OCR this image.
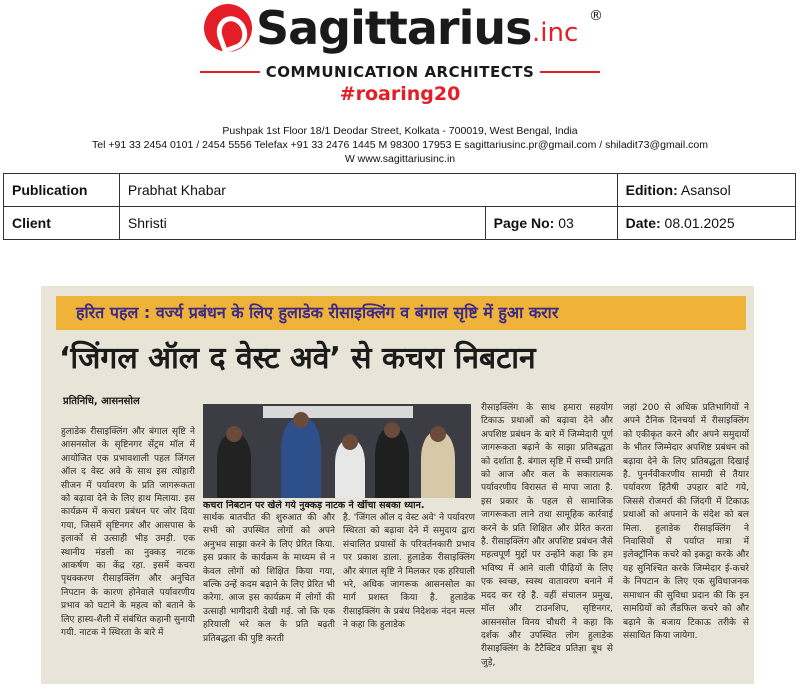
Sagittarius .inc
®
COMMUNICATION ARCHITECTS
#roaring20
Pushpak 1st Floor 18/1 Deodar Street, Kolkata - 700019, West Bengal, India
Tel +91 33 2454 0101 / 2454 5556 Telefax +91 33 2476 1445 M 98300 17953 E sagittariusinc.pr@gmail.com / shiladit73@gmail.com
W www.sagittariusinc.in
Publication	Prabhat Khabar		Edition: Asansol
Client	Shristi	Page No: 03	Date: 08.01.2025
हरित पहल : वर्ज्य प्रबंधन के लिए हुलाडेक रीसाइक्लिंग व बंगाल सृष्टि में हुआ करार
‘जिंगल ऑल द वेस्ट अवे’ से कचरा निबटान
प्रतिनिधि, आसनसोल
हुलाडेक रीसाइक्लिंग और बंगाल सृष्टि ने आसनसोल के सृष्टिनगर सेंट्रम मॉल में आयोजित एक प्रभावशाली पहल जिंगल ऑल द वेस्ट अवे के साथ इस त्योहारी सीजन में पर्यावरण के प्रति जागरूकता को बढ़ावा देने के लिए हाथ मिलाया. इस कार्यक्रम में कचरा प्रबंधन पर जोर दिया गया, जिसमें सृष्टिनगर और आसपास के इलाकों से उत्साही भीड़ उमड़ी. एक स्थानीय मंडली का नुक्कड़ नाटक आकर्षण का केंद्र रहा. इसमें कचरा पृथक्करण रीसाइक्लिंग और अनुचित निपटान के कारण होनेवाले पर्यावरणीय प्रभाव को घटाने के महत्व को बताने के लिए हास्य-शैली में संबंधित कहानी सुनायी गयी. नाटक ने स्थिरता के बारे में
कचरा निबटान पर खेले गये नुक्कड़ नाटक ने खींचा सबका ध्यान.
सार्थक बातचीत की शुरुआत की और सभी को उपस्थित लोगों को अपने अनुभव साझा करने के लिए प्रेरित किया. इस प्रकार के कार्यक्रम के माध्यम से न केवल लोगों को शिक्षित किया गया, बल्कि उन्हें कदम बढ़ाने के लिए प्रेरित भी करेगा. आज इस कार्यक्रम में लोगों की उत्साही भागीदारी देखी गई. जो कि एक हरियाली भरे कल के प्रति बढ़ती प्रतिबद्धता की पुष्टि करती
है. 'जिंगल ऑल द वेस्ट अवे' ने पर्यावरण स्थिरता को बढ़ावा देने में समुदाय द्वारा संचालित प्रयासों के परिवर्तनकारी प्रभाव पर प्रकाश डाला. हुलाडेक रीसाइक्लिंग और बंगाल सृष्टि ने मिलकर एक हरियाली भरे, अधिक जागरूक आसनसोल का मार्ग प्रशस्त किया है. हुलाडेक रीसाइक्लिंग के प्रबंध निदेशक नंदन मल्ल ने कहा कि हुलाडेक
रीसाइक्लिंग के साथ हमारा सहयोग टिकाऊ प्रथाओं को बढ़ावा देने और अपशिष्ट प्रबंधन के बारे में जिम्मेदारी पूर्ण जागरूकता बढ़ाने के साझा प्रतिबद्धता को दर्शाता है. बंगाल सृष्टि में सच्ची प्रगति को आज और कल के सकारात्मक पर्यावरणीय विरासत से मापा जाता है. इस प्रकार के पहल से सामाजिक जागरूकता लाने तथा सामूहिक कार्रवाई करने के प्रति शिक्षित और प्रेरित करता है. रीसाइक्लिंग और अपशिष्ट प्रबंधन जैसे महत्वपूर्ण मुद्दों पर उन्होंने कहा कि हम भविष्य में आने वाली पीढ़ियों के लिए एक स्वच्छ, स्वस्थ वातावरण बनाने में मदद कर रहे है. वहीं संचालन प्रमुख, मॉल और टाउनशिप, सृष्टिनगर, आसनसोल विनय चौधरी ने कहा कि दर्शक और उपस्थित लोग हुलाडेक रीसाइक्लिंग के टैटैक्टिव प्रतिज्ञा बूथ से जुड़े,
जहां 200 से अधिक प्रतिभागियों ने अपने टैनिक दिनचर्या में रीसाइक्लिंग को एकीकृत करने और अपने समुदायों के भीतर जिम्मेदार अपशिष्ट प्रबंधन को बढ़ावा देने के लिए प्रतिबद्धता दिखाई है. पुनर्नवीकरणीय सामग्री से तैयार पर्यावरण हितैषी उपहार बांटे गये, जिससे रोजमर्रा की जिंदगी में टिकाऊ प्रथाओं को अपनाने के संदेश को बल मिला. हुलाडेक रीसाइक्लिंग ने निवासियों से पर्याप्त मात्रा में इलेक्ट्रॉनिक कचरे को इकट्ठा करके और यह सुनिश्चित करके जिम्मेदार ई-कचरे के निपटान के लिए एक सुविधाजनक समाधान की सुविधा प्रदान की कि इन सामग्रियों को लैंडफिल कचरे को और बढ़ाने के बजाय टिकाऊ तरीके से संसाधित किया जायेगा.
